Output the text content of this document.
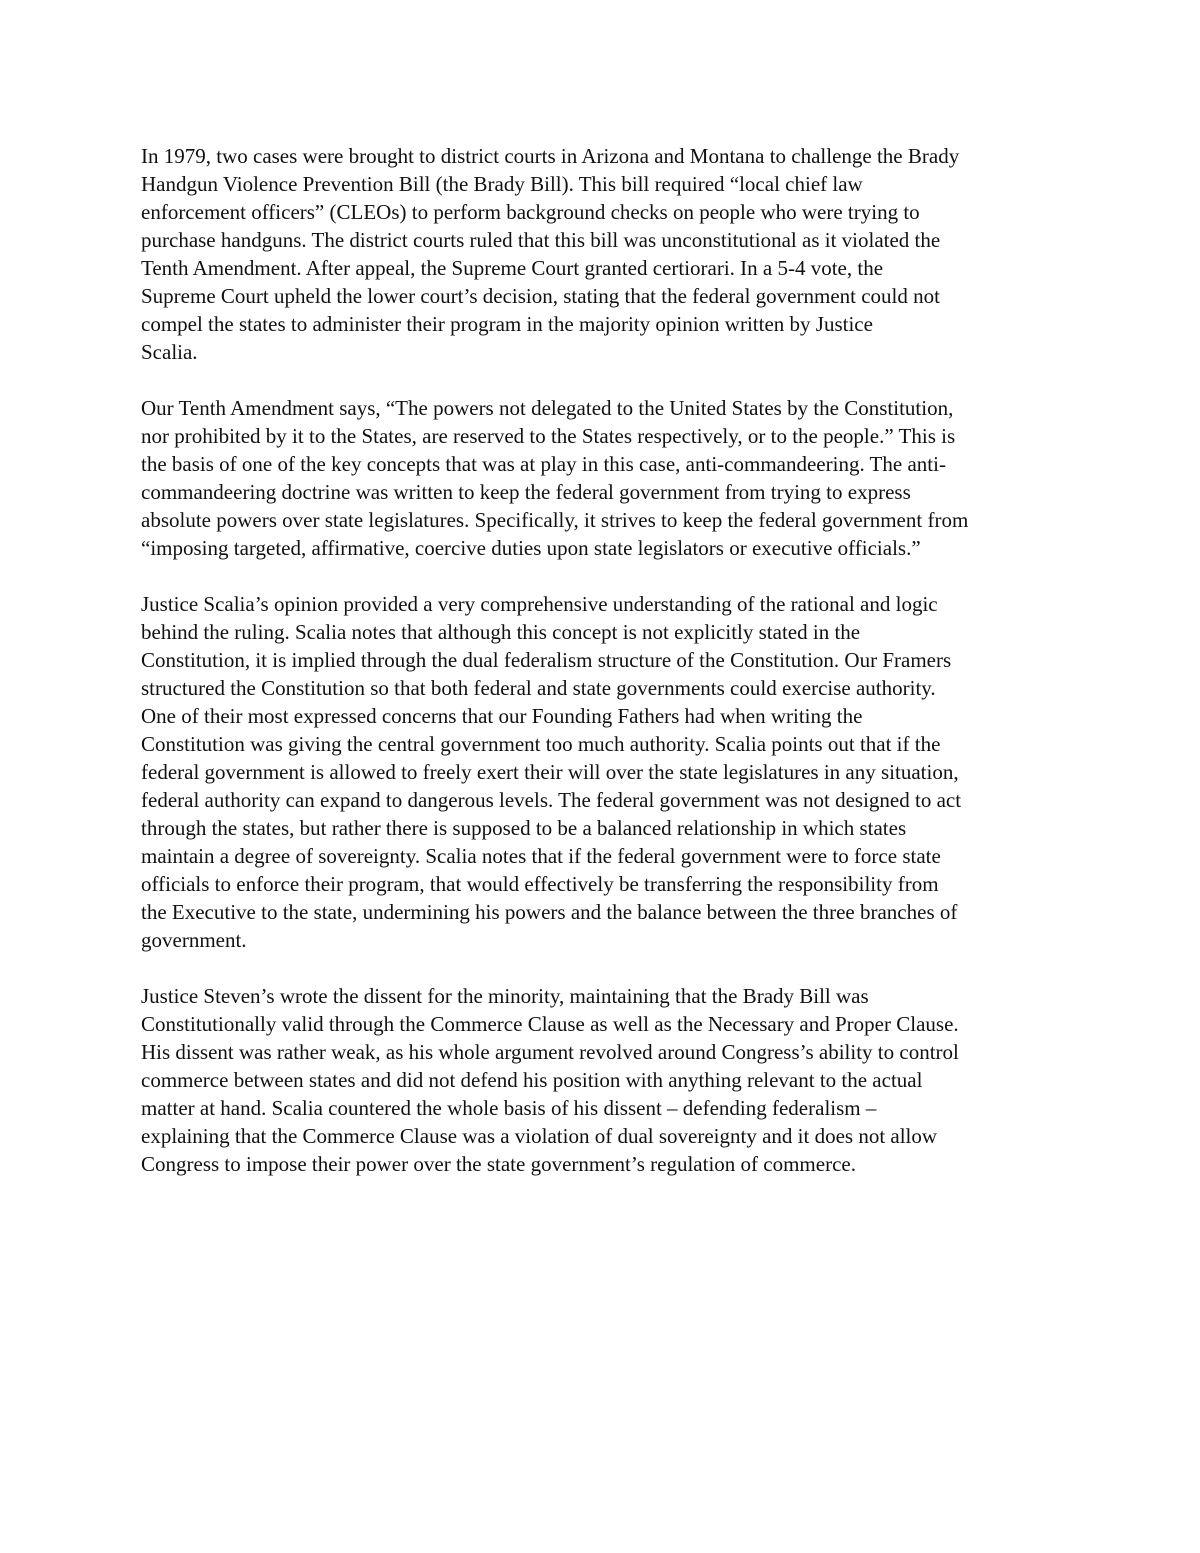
In 1979, two cases were brought to district courts in Arizona and Montana to challenge the Brady
Handgun Violence Prevention Bill (the Brady Bill). This bill required “local chief law
enforcement officers” (CLEOs) to perform background checks on people who were trying to
purchase handguns. The district courts ruled that this bill was unconstitutional as it violated the
Tenth Amendment. After appeal, the Supreme Court granted certiorari. In a 5-4 vote, the
Supreme Court upheld the lower court’s decision, stating that the federal government could not
compel the states to administer their program in the majority opinion written by Justice
Scalia.

Our Tenth Amendment says, “The powers not delegated to the United States by the Constitution,
nor prohibited by it to the States, are reserved to the States respectively, or to the people.” This is
the basis of one of the key concepts that was at play in this case, anti-commandeering. The anti-
commandeering doctrine was written to keep the federal government from trying to express
absolute powers over state legislatures. Specifically, it strives to keep the federal government from
“imposing targeted, affirmative, coercive duties upon state legislators or executive officials.”

Justice Scalia’s opinion provided a very comprehensive understanding of the rational and logic
behind the ruling. Scalia notes that although this concept is not explicitly stated in the
Constitution, it is implied through the dual federalism structure of the Constitution. Our Framers
structured the Constitution so that both federal and state governments could exercise authority.
One of their most expressed concerns that our Founding Fathers had when writing the
Constitution was giving the central government too much authority. Scalia points out that if the
federal government is allowed to freely exert their will over the state legislatures in any situation,
federal authority can expand to dangerous levels. The federal government was not designed to act
through the states, but rather there is supposed to be a balanced relationship in which states
maintain a degree of sovereignty. Scalia notes that if the federal government were to force state
officials to enforce their program, that would effectively be transferring the responsibility from
the Executive to the state, undermining his powers and the balance between the three branches of
government.

Justice Steven’s wrote the dissent for the minority, maintaining that the Brady Bill was
Constitutionally valid through the Commerce Clause as well as the Necessary and Proper Clause.
His dissent was rather weak, as his whole argument revolved around Congress’s ability to control
commerce between states and did not defend his position with anything relevant to the actual
matter at hand. Scalia countered the whole basis of his dissent – defending federalism –
explaining that the Commerce Clause was a violation of dual sovereignty and it does not allow
Congress to impose their power over the state government’s regulation of commerce.
